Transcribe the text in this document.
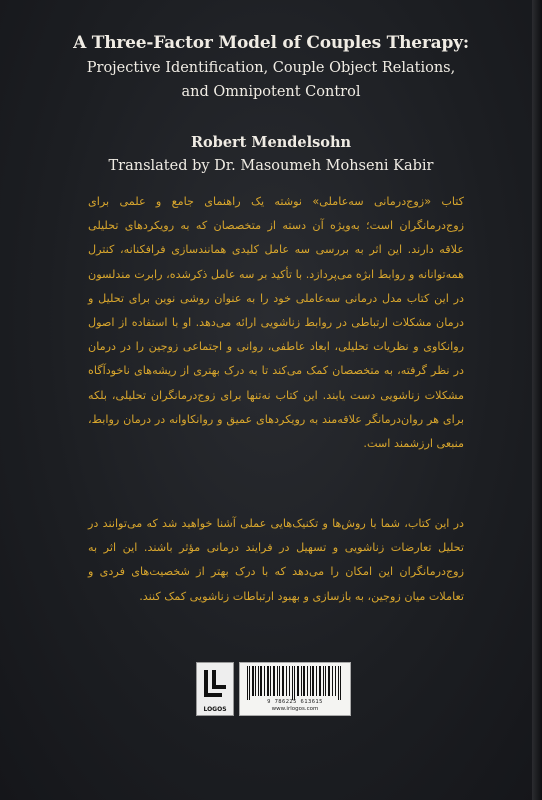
A Three-Factor Model of Couples Therapy:
Projective Identification, Couple Object Relations,
and Omnipotent Control
Robert Mendelsohn
Translated by Dr. Masoumeh Mohseni Kabir
کتاب «زوج‌درمانی سه‌عاملی» نوشته یک راهنمای جامع و علمی برای زوج‌درمانگران است؛ به‌ویژه آن دسته از متخصصان که به رویکردهای تحلیلی علاقه دارند. این اثر به بررسی سه عامل کلیدی همانندسازی فرافکنانه، کنترل همه‌توانانه و روابط ابژه می‌پردازد. با تأکید بر سه عامل ذکرشده، رابرت مندلسون در این کتاب مدل درمانی سه‌عاملی خود را به عنوان روشی نوین برای تحلیل و درمان مشکلات ارتباطی در روابط زناشویی ارائه می‌دهد. او با استفاده از اصول روانکاوی و نظریات تحلیلی، ابعاد عاطفی، روانی و اجتماعی زوجین را در درمان در نظر گرفته، به متخصصان کمک می‌کند تا به درک بهتری از ریشه‌های ناخودآگاه مشکلات زناشویی دست یابند. این کتاب نه‌تنها برای زوج‌درمانگران تحلیلی، بلکه برای هر روان‌درمانگر علاقه‌مند به رویکردهای عمیق و روانکاوانه در درمان روابط، منبعی ارزشمند است.
در این کتاب، شما با روش‌ها و تکنیک‌هایی عملی آشنا خواهید شد که می‌توانند در تحلیل تعارضات زناشویی و تسهیل در فرایند درمانی مؤثر باشند. این اثر به زوج‌درمانگران این امکان را می‌دهد که با درک بهتر از شخصیت‌های فردی و تعاملات میان زوجین، به بازسازی و بهبود ارتباطات زناشویی کمک کنند.
LOGOS
9 786225 613615
www.irlogos.com
